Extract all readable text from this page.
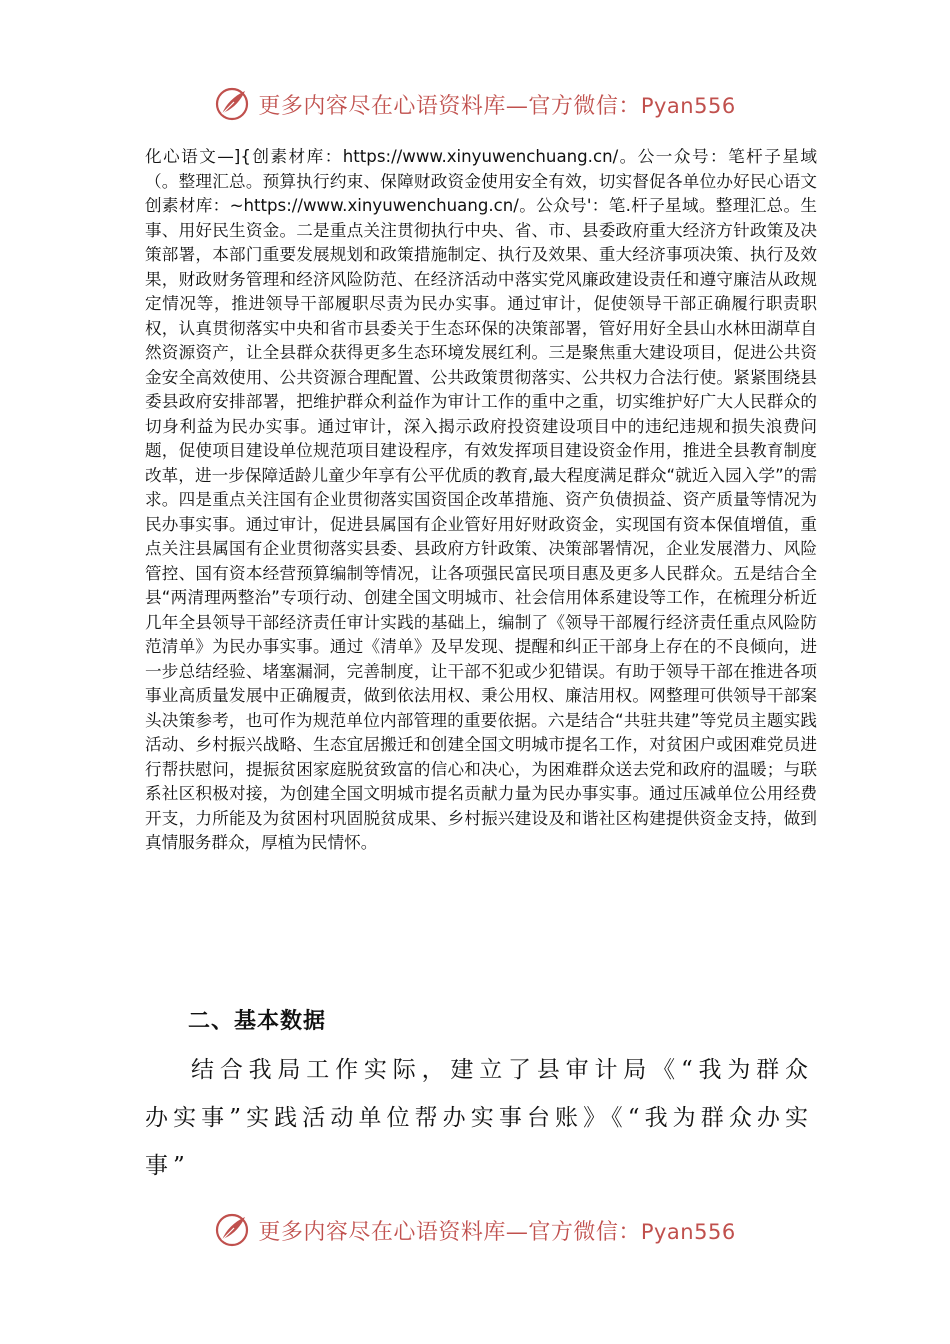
更多内容尽在心语资料库—官方微信：Pyan556

化心语文—]{创素材库：https://www.xinyuwenchuang.cn/。公一众号：笔杆子星域（。整理汇总。预算执行约束、保障财政资金使用安全有效，切实督促各单位办好民心语文创素材库：~https://www.xinyuwenchuang.cn/。公众号'：笔.杆子星域。整理汇总。生事、用好民生资金。二是重点关注贯彻执行中央、省、市、县委政府重大经济方针政策及决策部署，本部门重要发展规划和政策措施制定、执行及效果、重大经济事项决策、执行及效果，财政财务管理和经济风险防范、在经济活动中落实党风廉政建设责任和遵守廉洁从政规定情况等，推进领导干部履职尽责为民办实事。通过审计，促使领导干部正确履行职责职权，认真贯彻落实中央和省市县委关于生态环保的决策部署，管好用好全县山水林田湖草自然资源资产，让全县群众获得更多生态环境发展红利。三是聚焦重大建设项目，促进公共资金安全高效使用、公共资源合理配置、公共政策贯彻落实、公共权力合法行使。紧紧围绕县委县政府安排部署，把维护群众利益作为审计工作的重中之重，切实维护好广大人民群众的切身利益为民办实事。通过审计，深入揭示政府投资建设项目中的违纪违规和损失浪费问题，促使项目建设单位规范项目建设程序，有效发挥项目建设资金作用，推进全县教育制度改革，进一步保障适龄儿童少年享有公平优质的教育,最大程度满足群众“就近入园入学”的需求。四是重点关注国有企业贯彻落实国资国企改革措施、资产负债损益、资产质量等情况为民办事实事。通过审计，促进县属国有企业管好用好财政资金，实现国有资本保值增值，重点关注县属国有企业贯彻落实县委、县政府方针政策、决策部署情况，企业发展潜力、风险管控、国有资本经营预算编制等情况，让各项强民富民项目惠及更多人民群众。五是结合全县“两清理两整治”专项行动、创建全国文明城市、社会信用体系建设等工作，在梳理分析近几年全县领导干部经济责任审计实践的基础上，编制了《领导干部履行经济责任重点风险防范清单》为民办事实事。通过《清单》及早发现、提醒和纠正干部身上存在的不良倾向，进一步总结经验、堵塞漏洞，完善制度，让干部不犯或少犯错误。有助于领导干部在推进各项事业高质量发展中正确履责，做到依法用权、秉公用权、廉洁用权。网整理可供领导干部案头决策参考，也可作为规范单位内部管理的重要依据。六是结合“共驻共建”等党员主题实践活动、乡村振兴战略、生态宜居搬迁和创建全国文明城市提名工作，对贫困户或困难党员进行帮扶慰问，提振贫困家庭脱贫致富的信心和决心，为困难群众送去党和政府的温暖；与联系社区积极对接，为创建全国文明城市提名贡献力量为民办事实事。通过压减单位公用经费开支，力所能及为贫困村巩固脱贫成果、乡村振兴建设及和谐社区构建提供资金支持，做到真情服务群众，厚植为民情怀。

二、基本数据

结合我局工作实际，建立了县审计局《“我为群众办实事”实践活动单位帮办实事台账》《“我为群众办实事”

更多内容尽在心语资料库—官方微信：Pyan556
